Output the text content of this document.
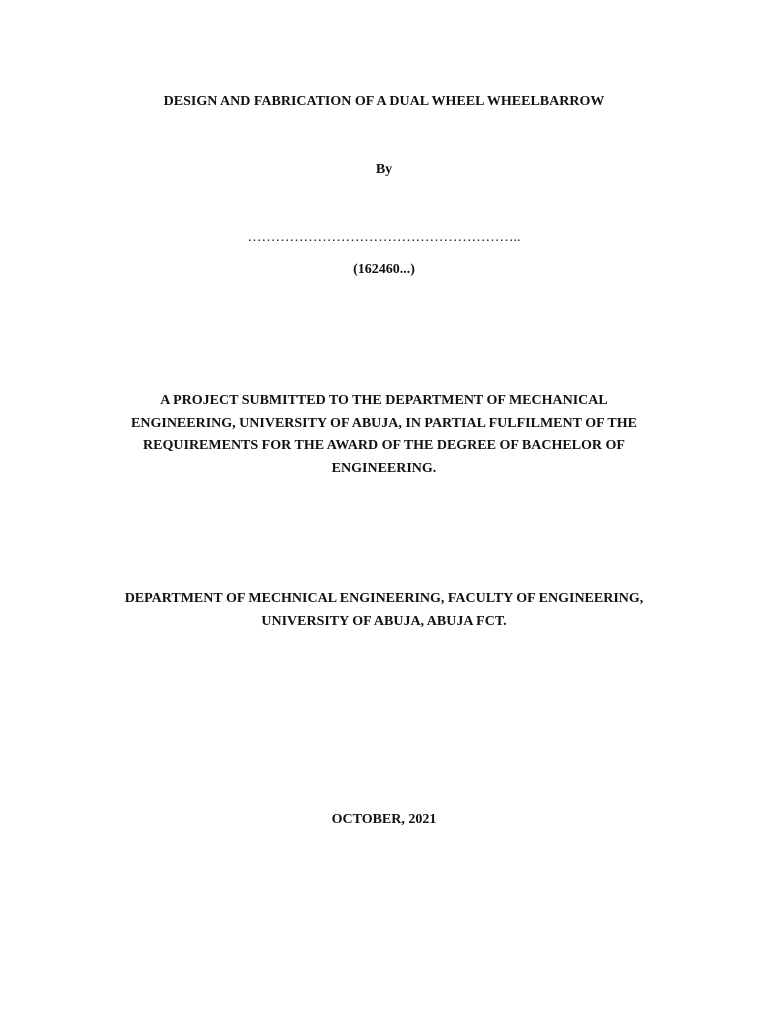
DESIGN AND FABRICATION OF A DUAL WHEEL WHEELBARROW
By
…………………………………………………..
(162460...)
A PROJECT SUBMITTED TO THE DEPARTMENT OF MECHANICAL
ENGINEERING, UNIVERSITY OF ABUJA, IN PARTIAL FULFILMENT OF THE
REQUIREMENTS FOR THE AWARD OF THE DEGREE OF BACHELOR OF
ENGINEERING.
DEPARTMENT OF MECHNICAL ENGINEERING, FACULTY OF ENGINEERING,
UNIVERSITY OF ABUJA, ABUJA FCT.
OCTOBER, 2021
